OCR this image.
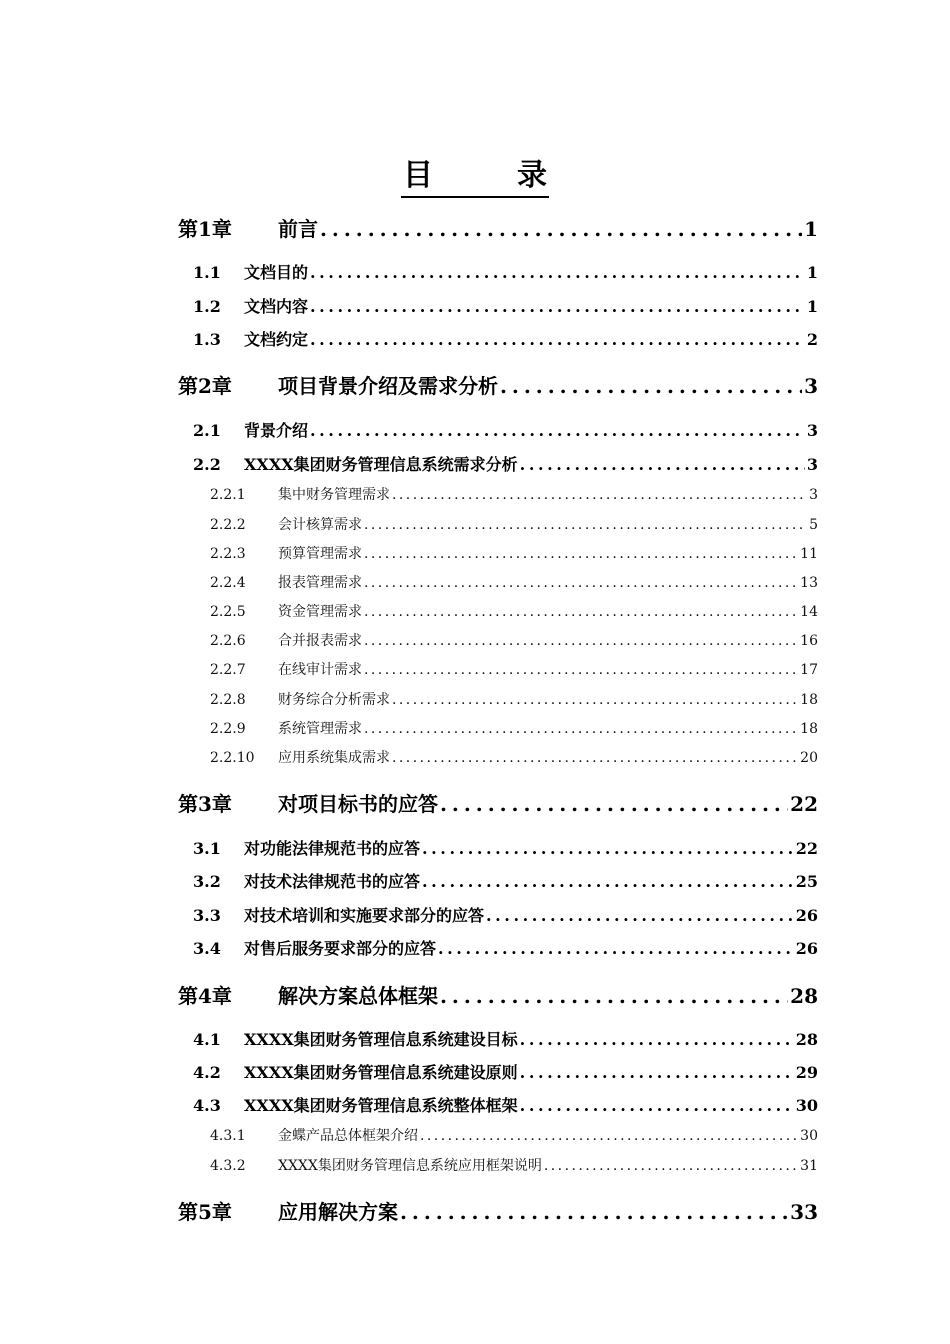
目	录
第1章	前言 . . .	1
1.1	文档目的 . . .	1
1.2	文档内容 . . .	1
1.3	文档约定 . . .	2
第2章	项目背景介绍及需求分析 . . .	3
2.1	背景介绍 . . .	3
2.2	XXXX集团财务管理信息系统需求分析 . . .	3
2.2.1	集中财务管理需求 . . .	3
2.2.2	会计核算需求 . . .	5
2.2.3	预算管理需求 . . .	11
2.2.4	报表管理需求 . . .	13
2.2.5	资金管理需求 . . .	14
2.2.6	合并报表需求 . . .	16
2.2.7	在线审计需求 . . .	17
2.2.8	财务综合分析需求 . . .	18
2.2.9	系统管理需求 . . .	18
2.2.10	应用系统集成需求 . . .	20
第3章	对项目标书的应答 . . .	22
3.1	对功能法律规范书的应答 . . .	22
3.2	对技术法律规范书的应答 . . .	25
3.3	对技术培训和实施要求部分的应答 . . .	26
3.4	对售后服务要求部分的应答 . . .	26
第4章	解决方案总体框架 . . .	28
4.1	XXXX集团财务管理信息系统建设目标 . . .	28
4.2	XXXX集团财务管理信息系统建设原则 . . .	29
4.3	XXXX集团财务管理信息系统整体框架 . . .	30
4.3.1	金蝶产品总体框架介绍 . . .	30
4.3.2	XXXX集团财务管理信息系统应用框架说明 . . .	31
第5章	应用解决方案 . . .	33
